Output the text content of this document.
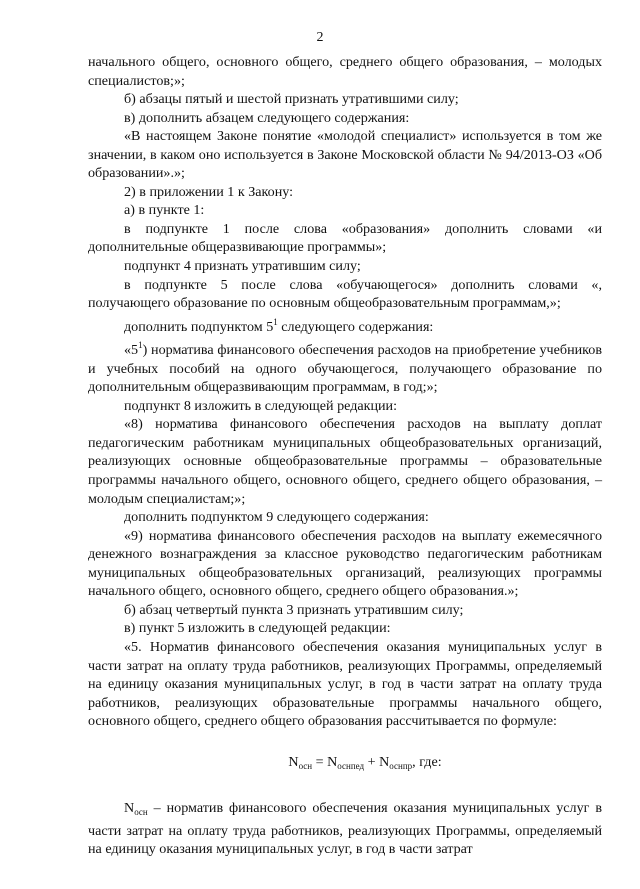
2

начального общего, основного общего, среднего общего образования, – молодых специалистов;»;

б) абзацы пятый и шестой признать утратившими силу;

в) дополнить абзацем следующего содержания:

«В настоящем Законе понятие «молодой специалист» используется в том же значении, в каком оно используется в Законе Московской области № 94/2013-ОЗ «Об образовании».»;

2) в приложении 1 к Закону:

а) в пункте 1:

в подпункте 1 после слова «образования» дополнить словами «и дополнительные общеразвивающие программы»;

подпункт 4 признать утратившим силу;

в подпункте 5 после слова «обучающегося» дополнить словами «, получающего образование по основным общеобразовательным программам,»;

дополнить подпунктом $5^1$ следующего содержания:

«$5^1$) норматива финансового обеспечения расходов на приобретение учебников и учебных пособий на одного обучающегося, получающего образование по дополнительным общеразвивающим программам, в год;»;

подпункт 8 изложить в следующей редакции:

«8) норматива финансового обеспечения расходов на выплату доплат педагогическим работникам муниципальных общеобразовательных организаций, реализующих основные общеобразовательные программы – образовательные программы начального общего, основного общего, среднего общего образования, – молодым специалистам;»;

дополнить подпунктом 9 следующего содержания:

«9) норматива финансового обеспечения расходов на выплату ежемесячного денежного вознаграждения за классное руководство педагогическим работникам муниципальных общеобразовательных организаций, реализующих программы начального общего, основного общего, среднего общего образования.»;

б) абзац четвертый пункта 3 признать утратившим силу;

в) пункт 5 изложить в следующей редакции:

«5. Норматив финансового обеспечения оказания муниципальных услуг в части затрат на оплату труда работников, реализующих Программы, определяемый на единицу оказания муниципальных услуг, в год в части затрат на оплату труда работников, реализующих образовательные программы начального общего, основного общего, среднего общего образования рассчитывается по формуле:

$N_{осн} = N_{оснпед} + N_{оснпр}$, где:

$N_{осн}$ – норматив финансового обеспечения оказания муниципальных услуг в части затрат на оплату труда работников, реализующих Программы, определяемый на единицу оказания муниципальных услуг, в год в части затрат
